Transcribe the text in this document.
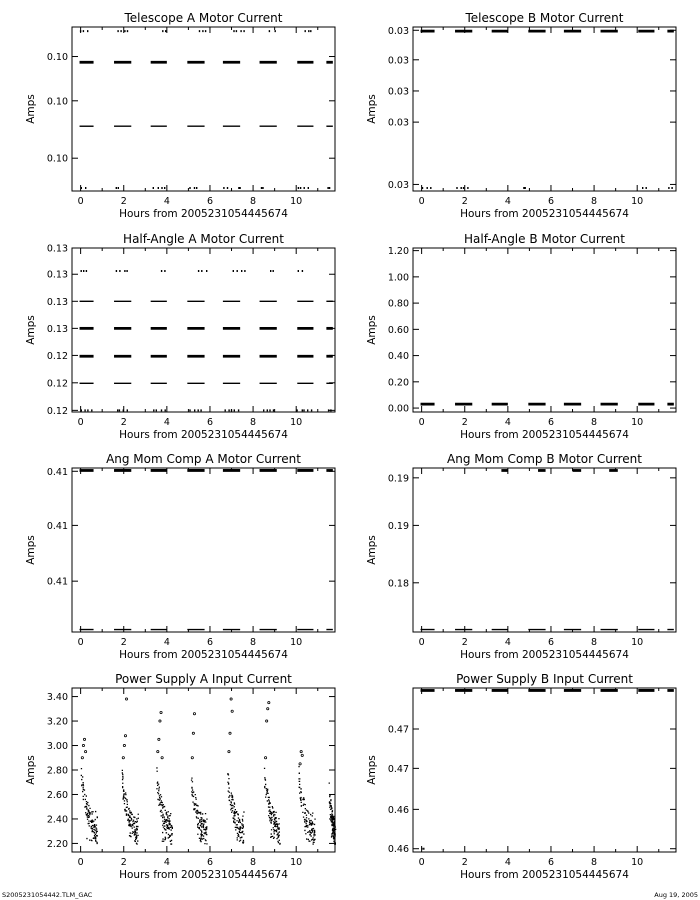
Telescope A Motor Current
Hours from 2005231054445674
Amps
0	2	4	6	8	10
0.10
0.10
0.10
Telescope B Motor Current
Hours from 2005231054445674
Amps
0	2	4	6	8	10
0.03
0.03
0.03
0.03
0.03
Half-Angle A Motor Current
Hours from 2005231054445674
Amps
0	2	4	6	8	10
0.12
0.12
0.12
0.13
0.13
0.13
0.13
Half-Angle B Motor Current
Hours from 2005231054445674
Amps
0	2	4	6	8	10
0.00
0.20
0.40
0.60
0.80
1.00
1.20
Ang Mom Comp A Motor Current
Hours from 2005231054445674
Amps
0	2	4	6	8	10
0.41
0.41
0.41
Ang Mom Comp B Motor Current
Hours from 2005231054445674
Amps
0	2	4	6	8	10
0.18
0.19
0.19
Power Supply A Input Current
Hours from 2005231054445674
Amps
0	2	4	6	8	10
2.20
2.40
2.60
2.80
3.00
3.20
3.40
Power Supply B Input Current
Hours from 2005231054445674
Amps
0	2	4	6	8	10
0.46
0.46
0.47
0.47
S2005231054442.TLM_GAC	Aug 19, 2005
